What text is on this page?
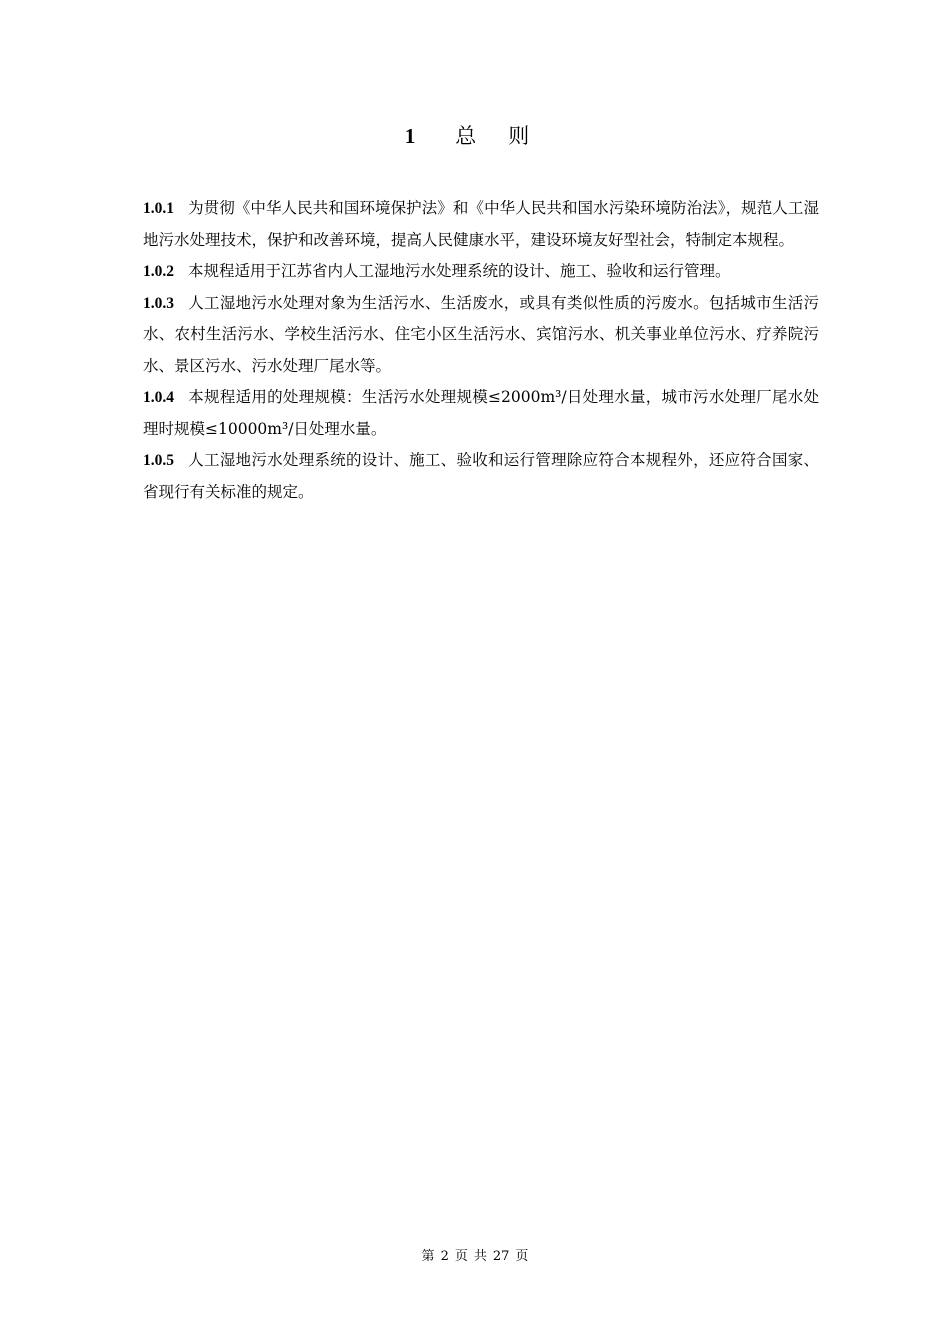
1 总 则

1.0.1 为贯彻《中华人民共和国环境保护法》和《中华人民共和国水污染环境防治法》，规范人工湿地污水处理技术，保护和改善环境，提高人民健康水平，建设环境友好型社会，特制定本规程。

1.0.2 本规程适用于江苏省内人工湿地污水处理系统的设计、施工、验收和运行管理。

1.0.3 人工湿地污水处理对象为生活污水、生活废水，或具有类似性质的污废水。包括城市生活污水、农村生活污水、学校生活污水、住宅小区生活污水、宾馆污水、机关事业单位污水、疗养院污水、景区污水、污水处理厂尾水等。

1.0.4 本规程适用的处理规模：生活污水处理规模≤2000m³/日处理水量，城市污水处理厂尾水处理时规模≤10000m³/日处理水量。

1.0.5 人工湿地污水处理系统的设计、施工、验收和运行管理除应符合本规程外，还应符合国家、省现行有关标准的规定。

第 2 页 共 27 页
